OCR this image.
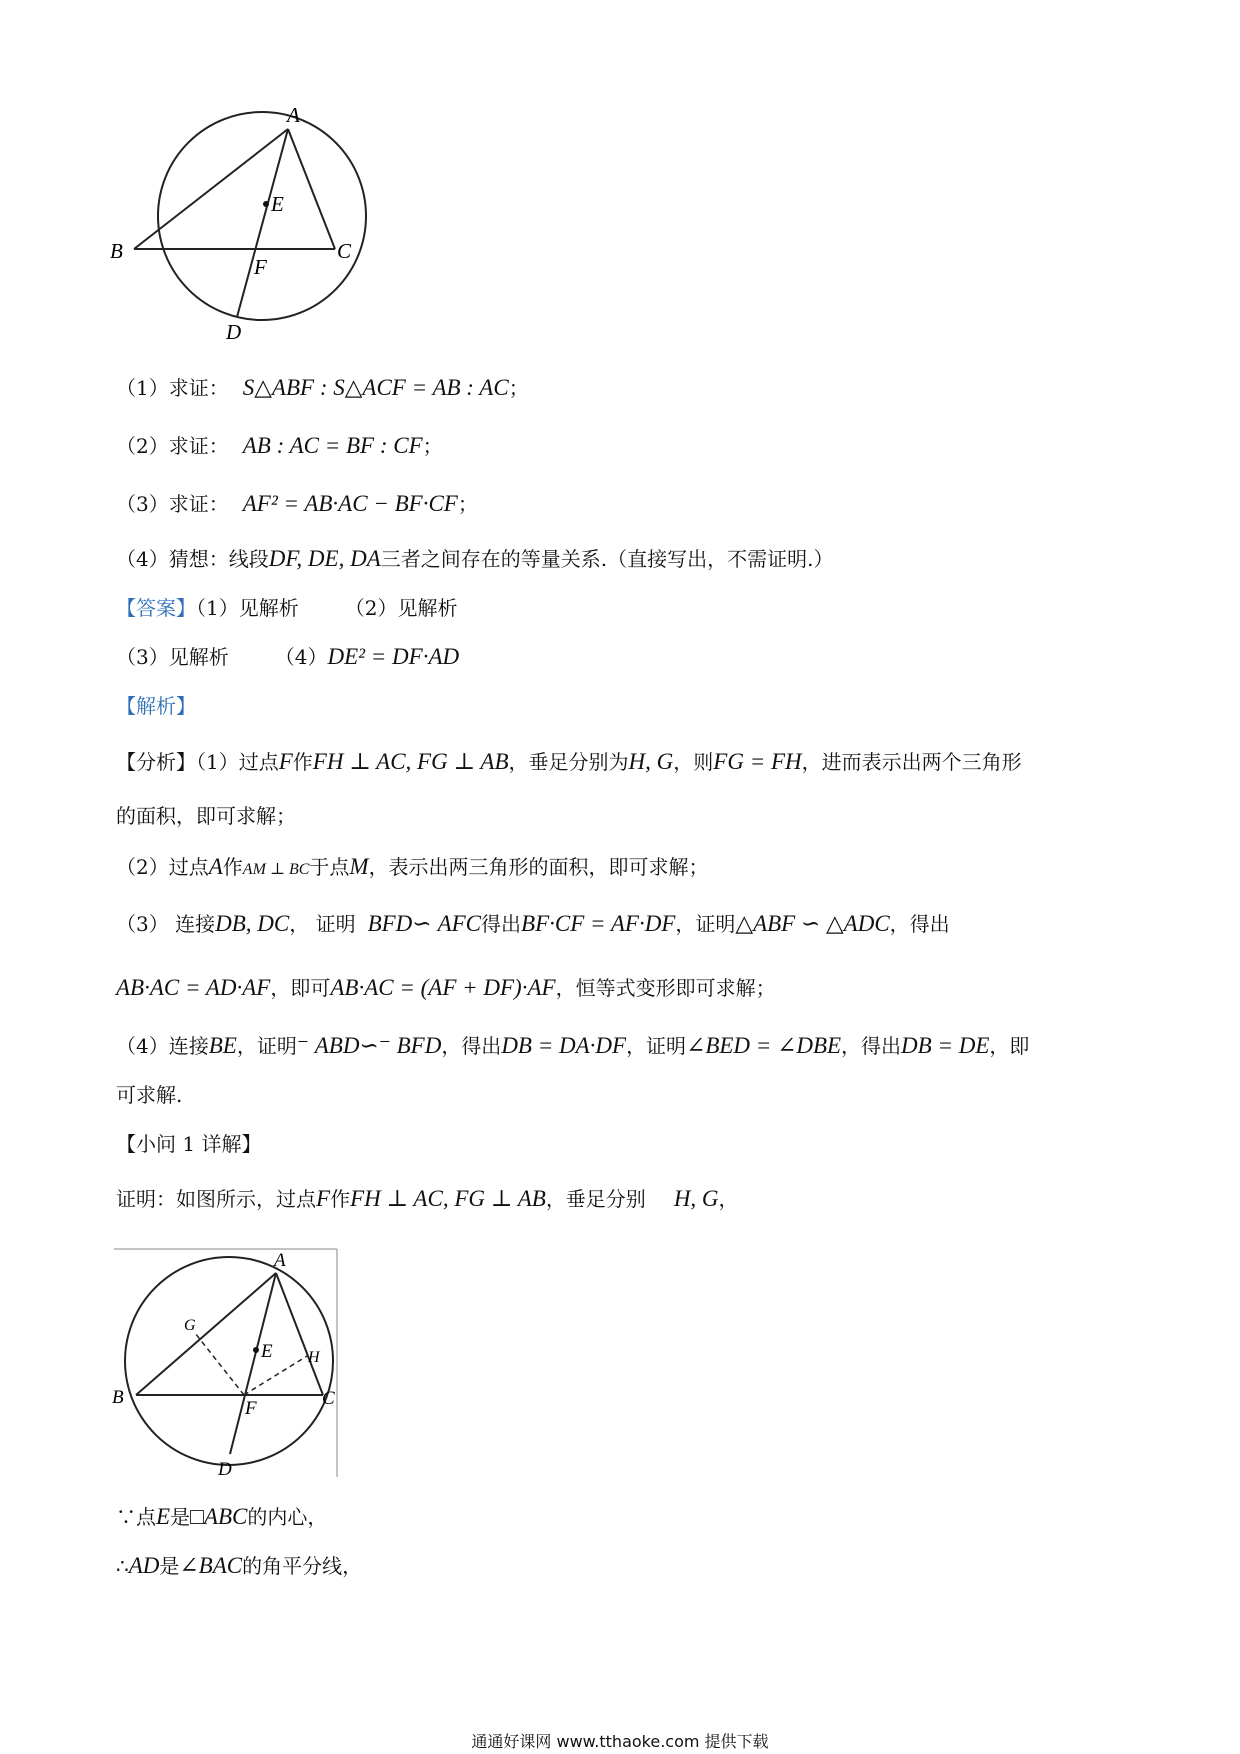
A
B	C
D
E
F
（1）求证： S△ABF : S△ACF = AB : AC；
（2）求证： AB : AC = BF : CF；
（3）求证： AF² = AB·AC − BF·CF；
（4）猜想：线段DF, DE, DA三者之间存在的等量关系.（直接写出，不需证明.）
【答案】（1）见解析 （2）见解析
（3）见解析 （4）DE² = DF·AD
【解析】
【分析】（1）过点F作FH ⊥ AC, FG ⊥ AB，垂足分别为H, G，则FG = FH，进而表示出两个三角形
的面积，即可求解；
（2）过点A作AM ⊥ BC于点M，表示出两三角形的面积，即可求解；
（3） 连接DB, DC， 证明 BFD∽ AFC得出BF·CF = AF·DF，证明△ABF ∽ △ADC，得出
AB·AC = AD·AF，即可AB·AC = (AF + DF)·AF，恒等式变形即可求解；
（4）连接BE，证明⁻ ABD∽⁻ BFD，得出DB = DA·DF，证明∠BED = ∠DBE，得出DB = DE，即
可求解.
【小问 1 详解】
证明：如图所示，过点F作FH ⊥ AC, FG ⊥ AB，垂足分别 H, G，
A
B	C
D
E
F
G
H
∵点E是□ABC的内心，
∴AD是∠BAC的角平分线，
通通好课网 www.tthaoke.com 提供下载
